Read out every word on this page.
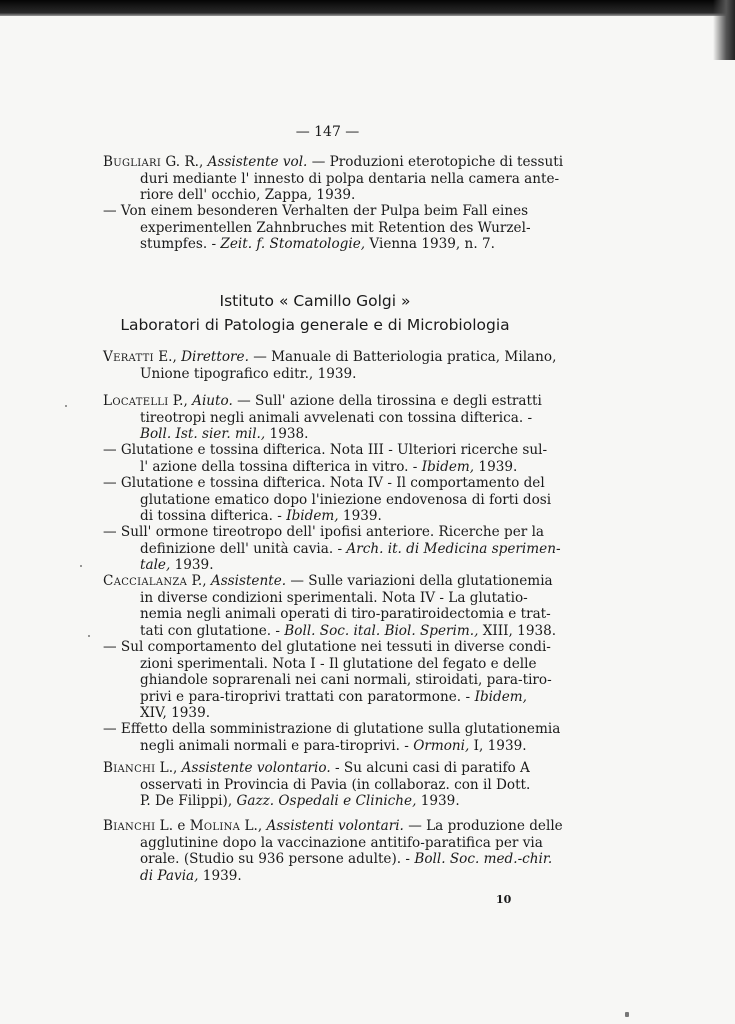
— 147 —
Bugliari G. R., Assistente vol. — Produzioni eterotopiche di tessuti
duri mediante l' innesto di polpa dentaria nella camera ante-
riore dell' occhio, Zappa, 1939.
— Von einem besonderen Verhalten der Pulpa beim Fall eines
experimentellen Zahnbruches mit Retention des Wurzel-
stumpfes. - Zeit. f. Stomatologie, Vienna 1939, n. 7.
Istituto « Camillo Golgi »
Laboratori di Patologia generale e di Microbiologia
Veratti E., Direttore. — Manuale di Batteriologia pratica, Milano,
Unione tipografico editr., 1939.
Locatelli P., Aiuto. — Sull' azione della tirossina e degli estratti
tireotropi negli animali avvelenati con tossina difterica. -
Boll. Ist. sier. mil., 1938.
— Glutatione e tossina difterica. Nota III - Ulteriori ricerche sul-
l' azione della tossina difterica in vitro. - Ibidem, 1939.
— Glutatione e tossina difterica. Nota IV - Il comportamento del
glutatione ematico dopo l'iniezione endovenosa di forti dosi
di tossina difterica. - Ibidem, 1939.
— Sull' ormone tireotropo dell' ipofisi anteriore. Ricerche per la
definizione dell' unità cavia. - Arch. it. di Medicina sperimen-
tale, 1939.
Caccialanza P., Assistente. — Sulle variazioni della glutationemia
in diverse condizioni sperimentali. Nota IV - La glutatio-
nemia negli animali operati di tiro-paratiroidectomia e trat-
tati con glutatione. - Boll. Soc. ital. Biol. Sperim., XIII, 1938.
— Sul comportamento del glutatione nei tessuti in diverse condi-
zioni sperimentali. Nota I - Il glutatione del fegato e delle
ghiandole soprarenali nei cani normali, stiroidati, para-tiro-
privi e para-tiroprivi trattati con paratormone. - Ibidem,
XIV, 1939.
— Effetto della somministrazione di glutatione sulla glutationemia
negli animali normali e para-tiroprivi. - Ormoni, I, 1939.
Bianchi L., Assistente volontario. - Su alcuni casi di paratifo A
osservati in Provincia di Pavia (in collaboraz. con il Dott.
P. De Filippi), Gazz. Ospedali e Cliniche, 1939.
Bianchi L. e Molina L., Assistenti volontari. — La produzione delle
agglutinine dopo la vaccinazione antitifo-paratifica per via
orale. (Studio su 936 persone adulte). - Boll. Soc. med.-chir.
di Pavia, 1939.
10
